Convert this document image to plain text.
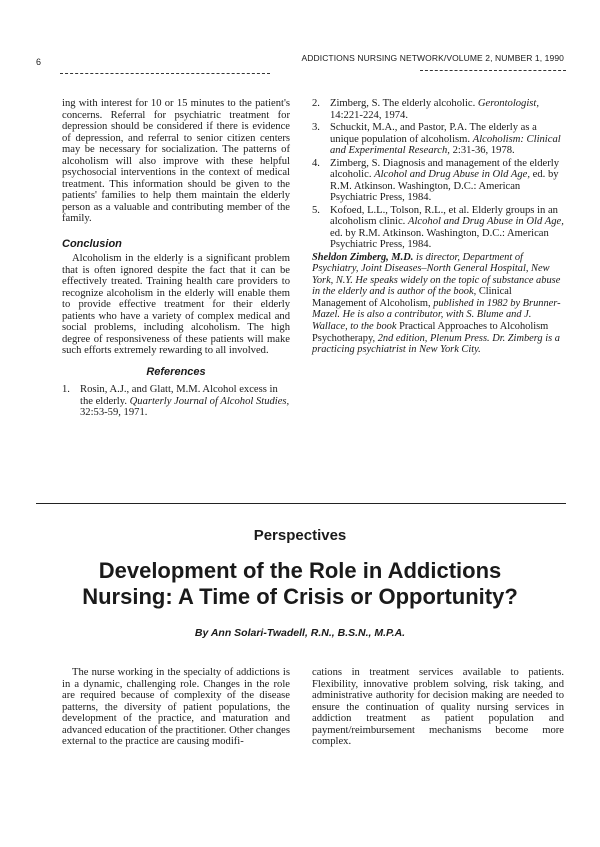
6	ADDICTIONS NURSING NETWORK/VOLUME 2, NUMBER 1, 1990

ing with interest for 10 or 15 minutes to the patient's concerns. Referral for psychiatric treatment for depression should be considered if there is evidence of depression, and referral to senior citizen centers may be necessary for socialization. The patterns of alcoholism will also improve with these helpful psychosocial interventions in the context of medical treatment. This information should be given to the patients' families to help them maintain the elderly person as a valuable and contributing member of the family.

Conclusion

Alcoholism in the elderly is a significant problem that is often ignored despite the fact that it can be effectively treated. Training health care providers to recognize alcoholism in the elderly will enable them to provide effective treatment for their elderly patients who have a variety of complex medical and social problems, including alcoholism. The high degree of responsiveness of these patients will make such efforts extremely rewarding to all involved.

References
1. Rosin, A.J., and Glatt, M.M. Alcohol excess in the elderly. Quarterly Journal of Alcohol Studies, 32:53-59, 1971.
2. Zimberg, S. The elderly alcoholic. Gerontologist, 14:221-224, 1974.
3. Schuckit, M.A., and Pastor, P.A. The elderly as a unique population of alcoholism. Alcoholism: Clinical and Experimental Research, 2:31-36, 1978.
4. Zimberg, S. Diagnosis and management of the elderly alcoholic. Alcohol and Drug Abuse in Old Age, ed. by R.M. Atkinson. Washington, D.C.: American Psychiatric Press, 1984.
5. Kofoed, L.L., Tolson, R.L., et al. Elderly groups in an alcoholism clinic. Alcohol and Drug Abuse in Old Age, ed. by R.M. Atkinson. Washington, D.C.: American Psychiatric Press, 1984.

Sheldon Zimberg, M.D. is director, Department of Psychiatry, Joint Diseases–North General Hospital, New York, N.Y. He speaks widely on the topic of substance abuse in the elderly and is author of the book, Clinical Management of Alcoholism, published in 1982 by Brunner-Mazel. He is also a contributor, with S. Blume and J. Wallace, to the book Practical Approaches to Alcoholism Psychotherapy, 2nd edition, Plenum Press. Dr. Zimberg is a practicing psychiatrist in New York City.

Perspectives
Development of the Role in Addictions
Nursing: A Time of Crisis or Opportunity?
By Ann Solari-Twadell, R.N., B.S.N., M.P.A.

The nurse working in the specialty of addictions is in a dynamic, challenging role. Changes in the role are required because of complexity of the disease patterns, the diversity of patient populations, the development of the practice, and maturation and advanced education of the practitioner. Other changes external to the practice are causing modifi-

cations in treatment services available to patients. Flexibility, innovative problem solving, risk taking, and administrative authority for decision making are needed to ensure the continuation of quality nursing services in addiction treatment as patient population and payment/reimbursement mechanisms become more complex.
